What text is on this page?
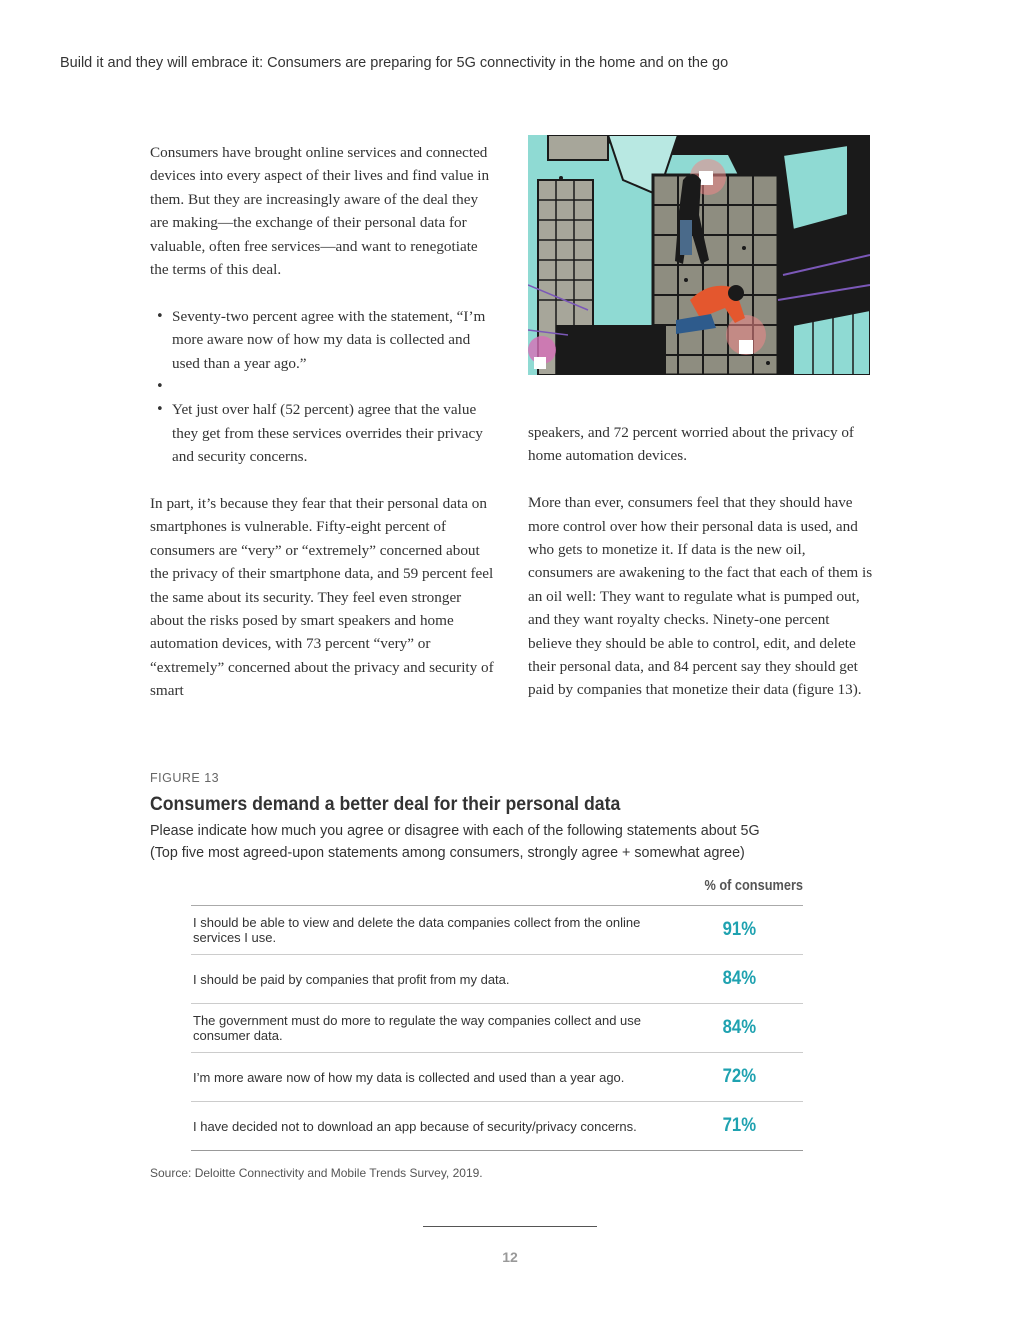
Build it and they will embrace it: Consumers are preparing for 5G connectivity in the home and on the go

Consumers have brought online services and connected devices into every aspect of their lives and find value in them. But they are increasingly aware of the deal they are making—the exchange of their personal data for valuable, often free services—and want to renegotiate the terms of this deal.

• Seventy-two percent agree with the statement, “I’m more aware now of how my data is collected and used than a year ago.”
•
• Yet just over half (52 percent) agree that the value they get from these services overrides their privacy and security concerns.

In part, it’s because they fear that their personal data on smartphones is vulnerable. Fifty-eight percent of consumers are “very” or “extremely” concerned about the privacy of their smartphone data, and 59 percent feel the same about its security. They feel even stronger about the risks posed by smart speakers and home automation devices, with 73 percent “very” or “extremely” concerned about the privacy and security of smart

speakers, and 72 percent worried about the privacy of home automation devices.

More than ever, consumers feel that they should have more control over how their personal data is used, and who gets to monetize it. If data is the new oil, consumers are awakening to the fact that each of them is an oil well: They want to regulate what is pumped out, and they want royalty checks. Ninety-one percent believe they should be able to control, edit, and delete their personal data, and 84 percent say they should get paid by companies that monetize their data (figure 13).

FIGURE 13
Consumers demand a better deal for their personal data
Please indicate how much you agree or disagree with each of the following statements about 5G
(Top five most agreed-upon statements among consumers, strongly agree + somewhat agree)
% of consumers
I should be able to view and delete the data companies collect from the online services I use.	91%
I should be paid by companies that profit from my data.	84%
The government must do more to regulate the way companies collect and use consumer data.	84%
I’m more aware now of how my data is collected and used than a year ago.	72%
I have decided not to download an app because of security/privacy concerns.	71%
Source: Deloitte Connectivity and Mobile Trends Survey, 2019.
12
